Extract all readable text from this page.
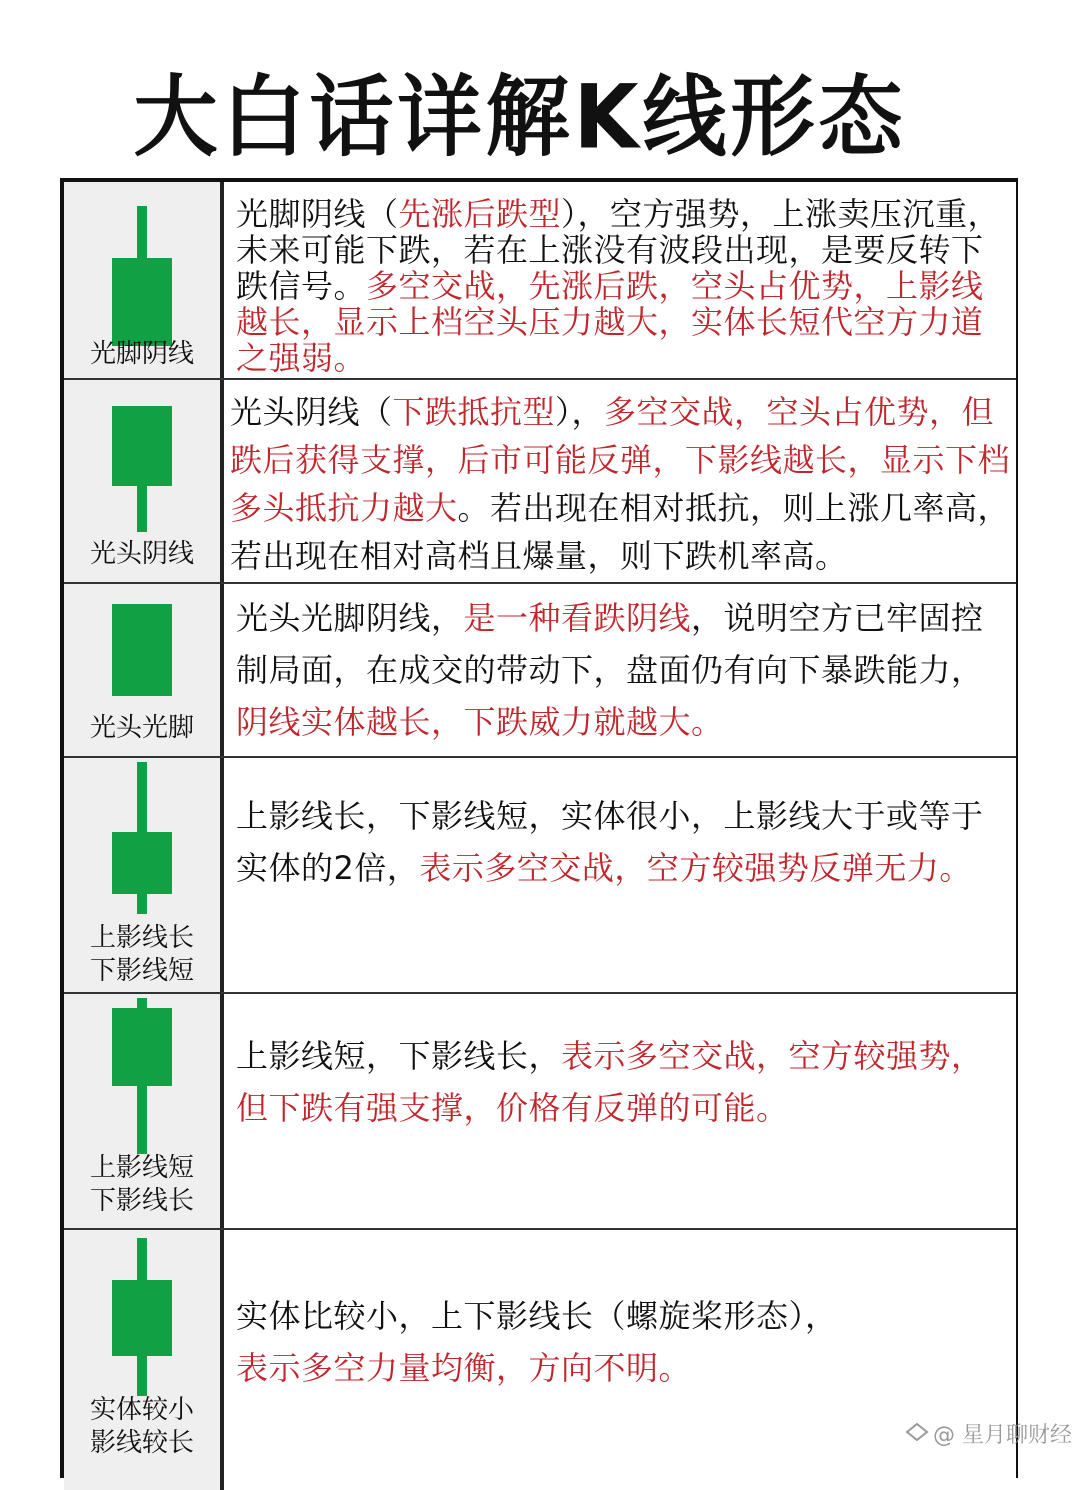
大白话详解K线形态
光脚阴线
光脚阴线（先涨后跌型），空方强势，上涨卖压沉重，未来可能下跌，若在上涨没有波段出现，是要反转下跌信号。多空交战，先涨后跌，空头占优势，上影线越长，显示上档空头压力越大，实体长短代空方力道之强弱。
光头阴线
光头阴线（下跌抵抗型），多空交战，空头占优势，但跌后获得支撑，后市可能反弹，下影线越长，显示下档多头抵抗力越大。若出现在相对抵抗，则上涨几率高，若出现在相对高档且爆量，则下跌机率高。
光头光脚
光头光脚阴线，是一种看跌阴线，说明空方已牢固控制局面，在成交的带动下，盘面仍有向下暴跌能力，阴线实体越长，下跌威力就越大。
上影线长
下影线短
上影线长，下影线短，实体很小，上影线大于或等于实体的2倍，表示多空交战，空方较强势反弹无力。
上影线短
下影线长
上影线短，下影线长，表示多空交战，空方较强势，但下跌有强支撑，价格有反弹的可能。
实体较小
影线较长
实体比较小，上下影线长（螺旋桨形态），
表示多空力量均衡，方向不明。
@ 星月聊财经
